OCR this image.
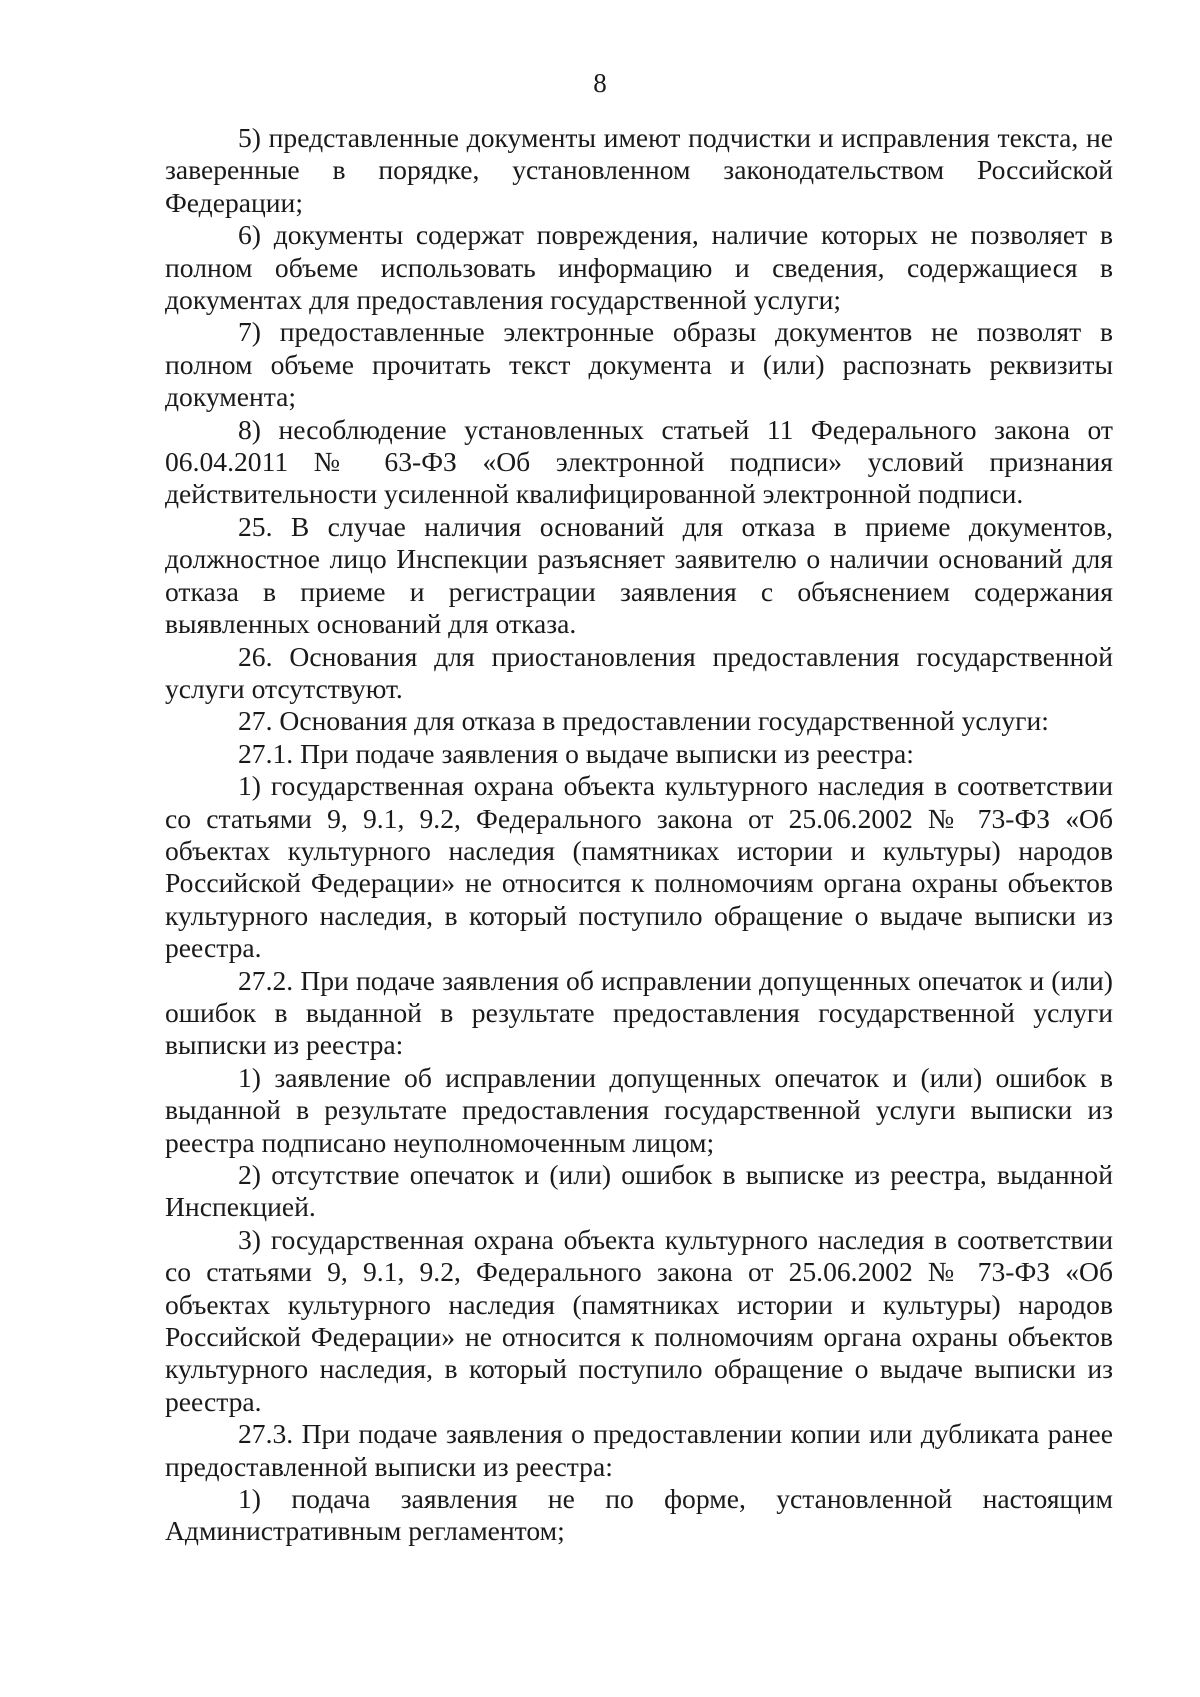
8

5) представленные документы имеют подчистки и исправления текста, не заверенные в порядке, установленном законодательством Российской Федерации;

6) документы содержат повреждения, наличие которых не позволяет в полном объеме использовать информацию и сведения, содержащиеся в документах для предоставления государственной услуги;

7) предоставленные электронные образы документов не позволят в полном объеме прочитать текст документа и (или) распознать реквизиты документа;

8) несоблюдение установленных статьей 11 Федерального закона от 06.04.2011 № 63-ФЗ «Об электронной подписи» условий признания действительности усиленной квалифицированной электронной подписи.

25. В случае наличия оснований для отказа в приеме документов, должностное лицо Инспекции разъясняет заявителю о наличии оснований для отказа в приеме и регистрации заявления с объяснением содержания выявленных оснований для отказа.

26. Основания для приостановления предоставления государственной услуги отсутствуют.

27. Основания для отказа в предоставлении государственной услуги:

27.1. При подаче заявления о выдаче выписки из реестра:

1) государственная охрана объекта культурного наследия в соответствии со статьями 9, 9.1, 9.2, Федерального закона от 25.06.2002 № 73-ФЗ «Об объектах культурного наследия (памятниках истории и культуры) народов Российской Федерации» не относится к полномочиям органа охраны объектов культурного наследия, в который поступило обращение о выдаче выписки из реестра.

27.2. При подаче заявления об исправлении допущенных опечаток и (или) ошибок в выданной в результате предоставления государственной услуги выписки из реестра:

1) заявление об исправлении допущенных опечаток и (или) ошибок в выданной в результате предоставления государственной услуги выписки из реестра подписано неуполномоченным лицом;

2) отсутствие опечаток и (или) ошибок в выписке из реестра, выданной Инспекцией.

3) государственная охрана объекта культурного наследия в соответствии со статьями 9, 9.1, 9.2, Федерального закона от 25.06.2002 № 73-ФЗ «Об объектах культурного наследия (памятниках истории и культуры) народов Российской Федерации» не относится к полномочиям органа охраны объектов культурного наследия, в который поступило обращение о выдаче выписки из реестра.

27.3. При подаче заявления о предоставлении копии или дубликата ранее предоставленной выписки из реестра:

1) подача заявления не по форме, установленной настоящим Административным регламентом;
